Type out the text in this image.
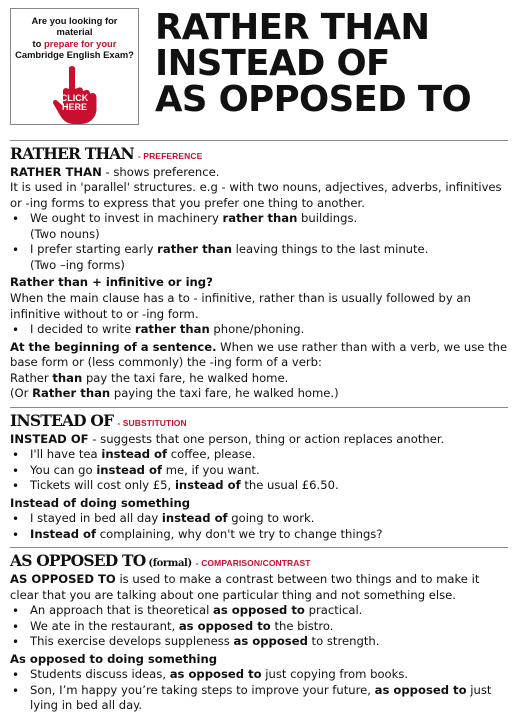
Are you looking for material
to prepare for your
Cambridge English Exam?
CLICK
HERE
RATHER THAN
INSTEAD OF
AS OPPOSED TO
RATHER THAN - PREFERENCE

RATHER THAN - shows preference.

It is used in 'parallel' structures. e.g - with two nouns, adjectives, adverbs, infinitives or -ing forms to express that you prefer one thing to another.

• We ought to invest in machinery rather than buildings.
(Two nouns)
• I prefer starting early rather than leaving things to the last minute.
(Two –ing forms)
Rather than + infinitive or ing?

When the main clause has a to - infinitive, rather than is usually followed by an infinitive without to or -ing form.

• I decided to write rather than phone/phoning.

At the beginning of a sentence. When we use rather than with a verb, we use the base form or (less commonly) the -ing form of a verb:

Rather than pay the taxi fare, he walked home.

(Or Rather than paying the taxi fare, he walked home.)

INSTEAD OF - SUBSTITUTION

INSTEAD OF - suggests that one person, thing or action replaces another.

• I'll have tea instead of coffee, please.
• You can go instead of me, if you want.
• Tickets will cost only £5, instead of the usual £6.50.
Instead of doing something
• I stayed in bed all day instead of going to work.
• Instead of complaining, why don't we try to change things?
AS OPPOSED TO (formal) - COMPARISON/CONTRAST

AS OPPOSED TO is used to make a contrast between two things and to make it clear that you are talking about one particular thing and not something else.

• An approach that is theoretical as opposed to practical.
• We ate in the restaurant, as opposed to the bistro.
• This exercise develops suppleness as opposed to strength.
As opposed to doing something
• Students discuss ideas, as opposed to just copying from books.
• Son, I’m happy you’re taking steps to improve your future, as opposed to just lying in bed all day.
